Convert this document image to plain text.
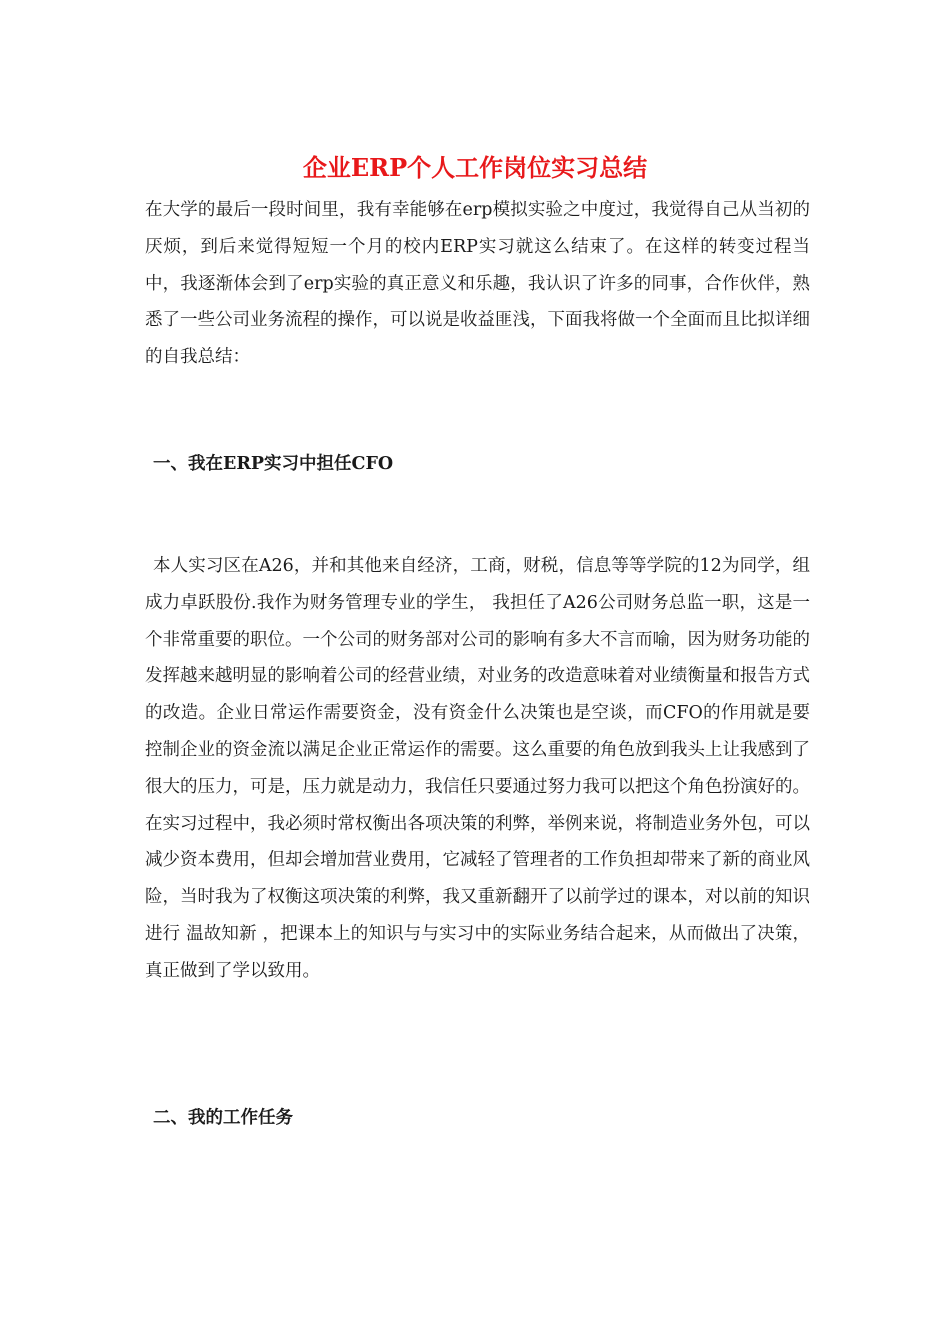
企业ERP个人工作岗位实习总结

在大学的最后一段时间里，我有幸能够在erp模拟实验之中度过，我觉得自己从当初的厌烦，到后来觉得短短一个月的校内ERP实习就这么结束了。在这样的转变过程当中，我逐渐体会到了erp实验的真正意义和乐趣，我认识了许多的同事，合作伙伴，熟悉了一些公司业务流程的操作，可以说是收益匪浅，下面我将做一个全面而且比拟详细的自我总结：

一、我在ERP实习中担任CFO

本人实习区在A26，并和其他来自经济，工商，财税，信息等等学院的12为同学，组成力卓跃股份.我作为财务管理专业的学生， 我担任了A26公司财务总监一职，这是一个非常重要的职位。一个公司的财务部对公司的影响有多大不言而喻，因为财务功能的发挥越来越明显的影响着公司的经营业绩，对业务的改造意味着对业绩衡量和报告方式的改造。企业日常运作需要资金，没有资金什么决策也是空谈，而CFO的作用就是要控制企业的资金流以满足企业正常运作的需要。这么重要的角色放到我头上让我感到了很大的压力，可是，压力就是动力，我信任只要通过努力我可以把这个角色扮演好的。在实习过程中，我必须时常权衡出各项决策的利弊，举例来说，将制造业务外包，可以减少资本费用，但却会增加营业费用，它减轻了管理者的工作负担却带来了新的商业风险，当时我为了权衡这项决策的利弊，我又重新翻开了以前学过的课本，对以前的知识进行 温故知新 ，把课本上的知识与与实习中的实际业务结合起来，从而做出了决策，真正做到了学以致用。

二、我的工作任务
